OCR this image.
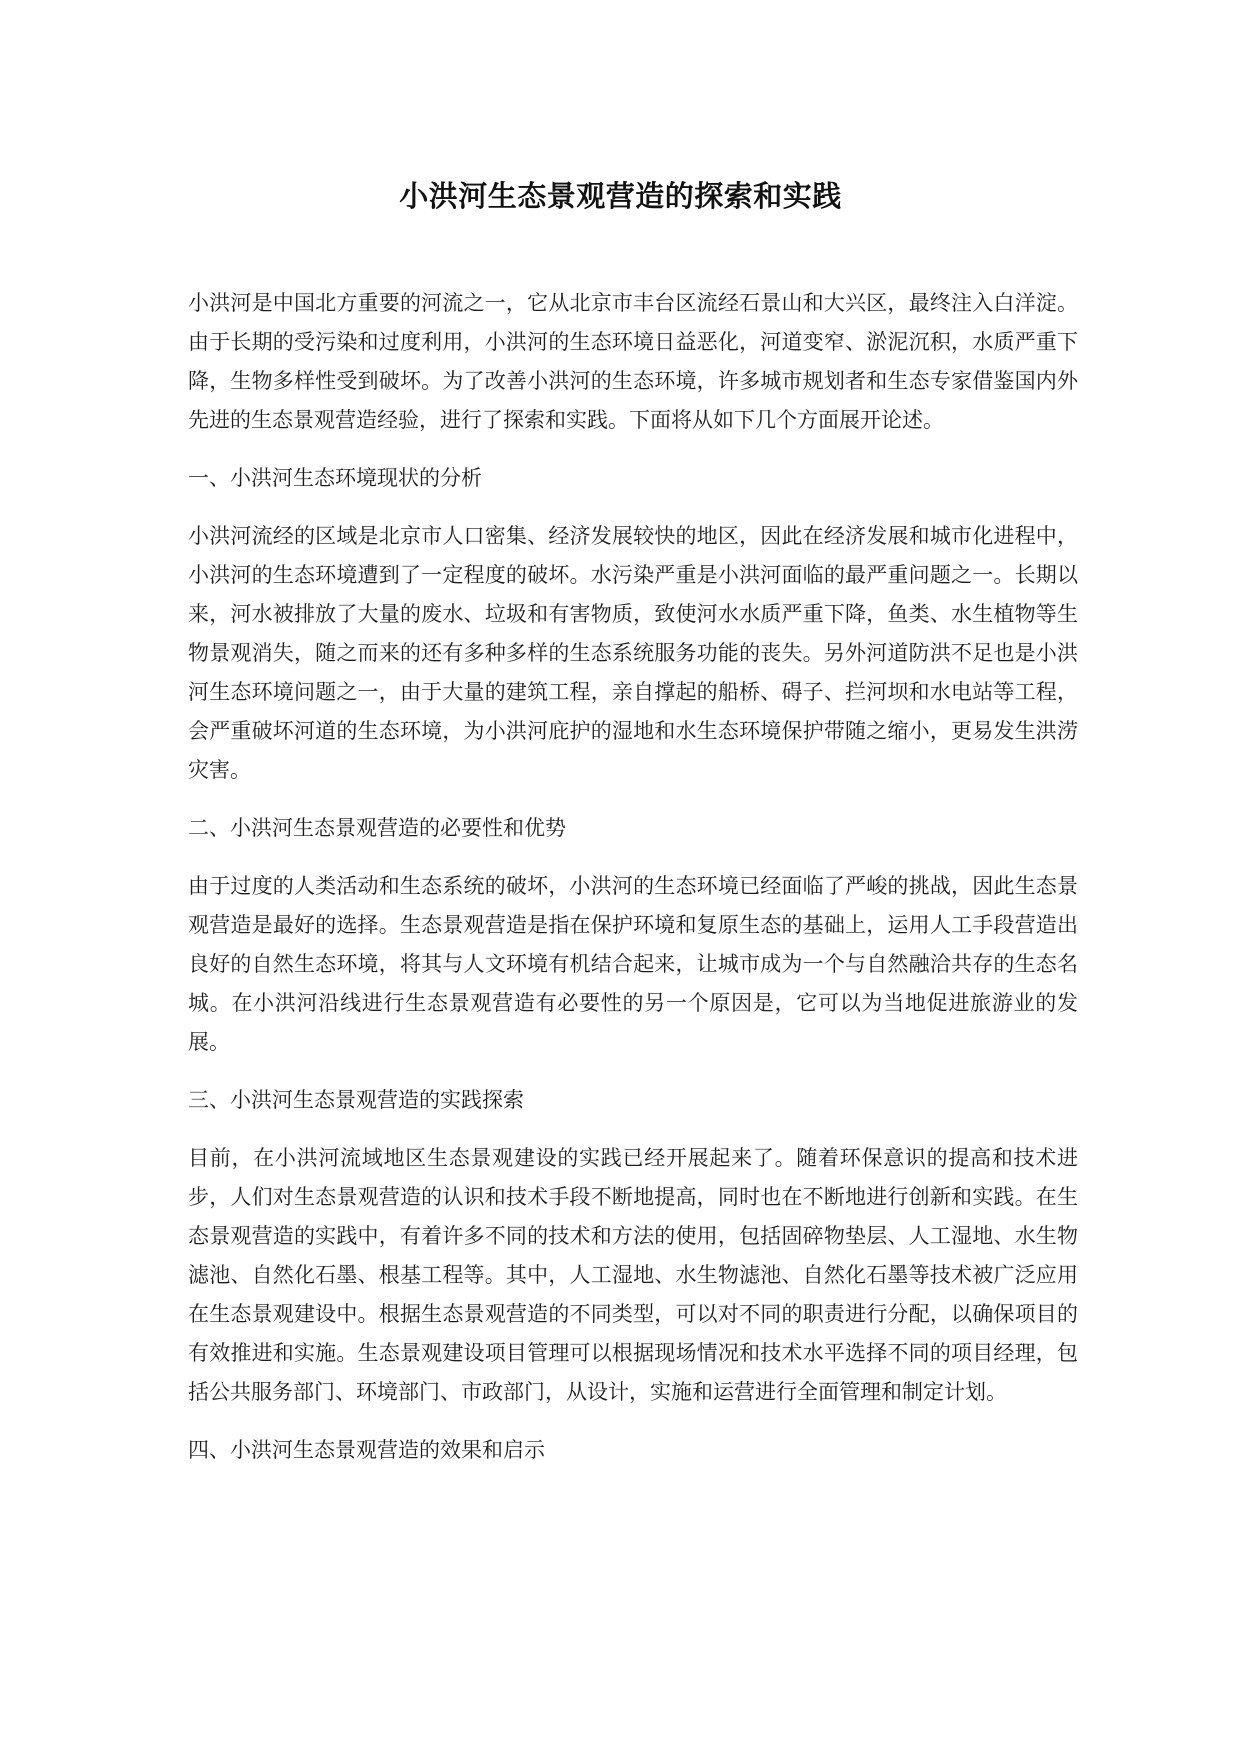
小洪河生态景观营造的探索和实践

小洪河是中国北方重要的河流之一，它从北京市丰台区流经石景山和大兴区，最终注入白洋淀。由于长期的受污染和过度利用，小洪河的生态环境日益恶化，河道变窄、淤泥沉积，水质严重下降，生物多样性受到破坏。为了改善小洪河的生态环境，许多城市规划者和生态专家借鉴国内外先进的生态景观营造经验，进行了探索和实践。下面将从如下几个方面展开论述。

一、小洪河生态环境现状的分析

小洪河流经的区域是北京市人口密集、经济发展较快的地区，因此在经济发展和城市化进程中，小洪河的生态环境遭到了一定程度的破坏。水污染严重是小洪河面临的最严重问题之一。长期以来，河水被排放了大量的废水、垃圾和有害物质，致使河水水质严重下降，鱼类、水生植物等生物景观消失，随之而来的还有多种多样的生态系统服务功能的丧失。另外河道防洪不足也是小洪河生态环境问题之一，由于大量的建筑工程，亲自撑起的船桥、碍子、拦河坝和水电站等工程，会严重破坏河道的生态环境，为小洪河庇护的湿地和水生态环境保护带随之缩小，更易发生洪涝灾害。

二、小洪河生态景观营造的必要性和优势

由于过度的人类活动和生态系统的破坏，小洪河的生态环境已经面临了严峻的挑战，因此生态景观营造是最好的选择。生态景观营造是指在保护环境和复原生态的基础上，运用人工手段营造出良好的自然生态环境，将其与人文环境有机结合起来，让城市成为一个与自然融洽共存的生态名城。在小洪河沿线进行生态景观营造有必要性的另一个原因是，它可以为当地促进旅游业的发展。

三、小洪河生态景观营造的实践探索

目前，在小洪河流域地区生态景观建设的实践已经开展起来了。随着环保意识的提高和技术进步，人们对生态景观营造的认识和技术手段不断地提高，同时也在不断地进行创新和实践。在生态景观营造的实践中，有着许多不同的技术和方法的使用，包括固碎物垫层、人工湿地、水生物滤池、自然化石墨、根基工程等。其中，人工湿地、水生物滤池、自然化石墨等技术被广泛应用在生态景观建设中。根据生态景观营造的不同类型，可以对不同的职责进行分配，以确保项目的有效推进和实施。生态景观建设项目管理可以根据现场情况和技术水平选择不同的项目经理，包括公共服务部门、环境部门、市政部门，从设计，实施和运营进行全面管理和制定计划。

四、小洪河生态景观营造的效果和启示
